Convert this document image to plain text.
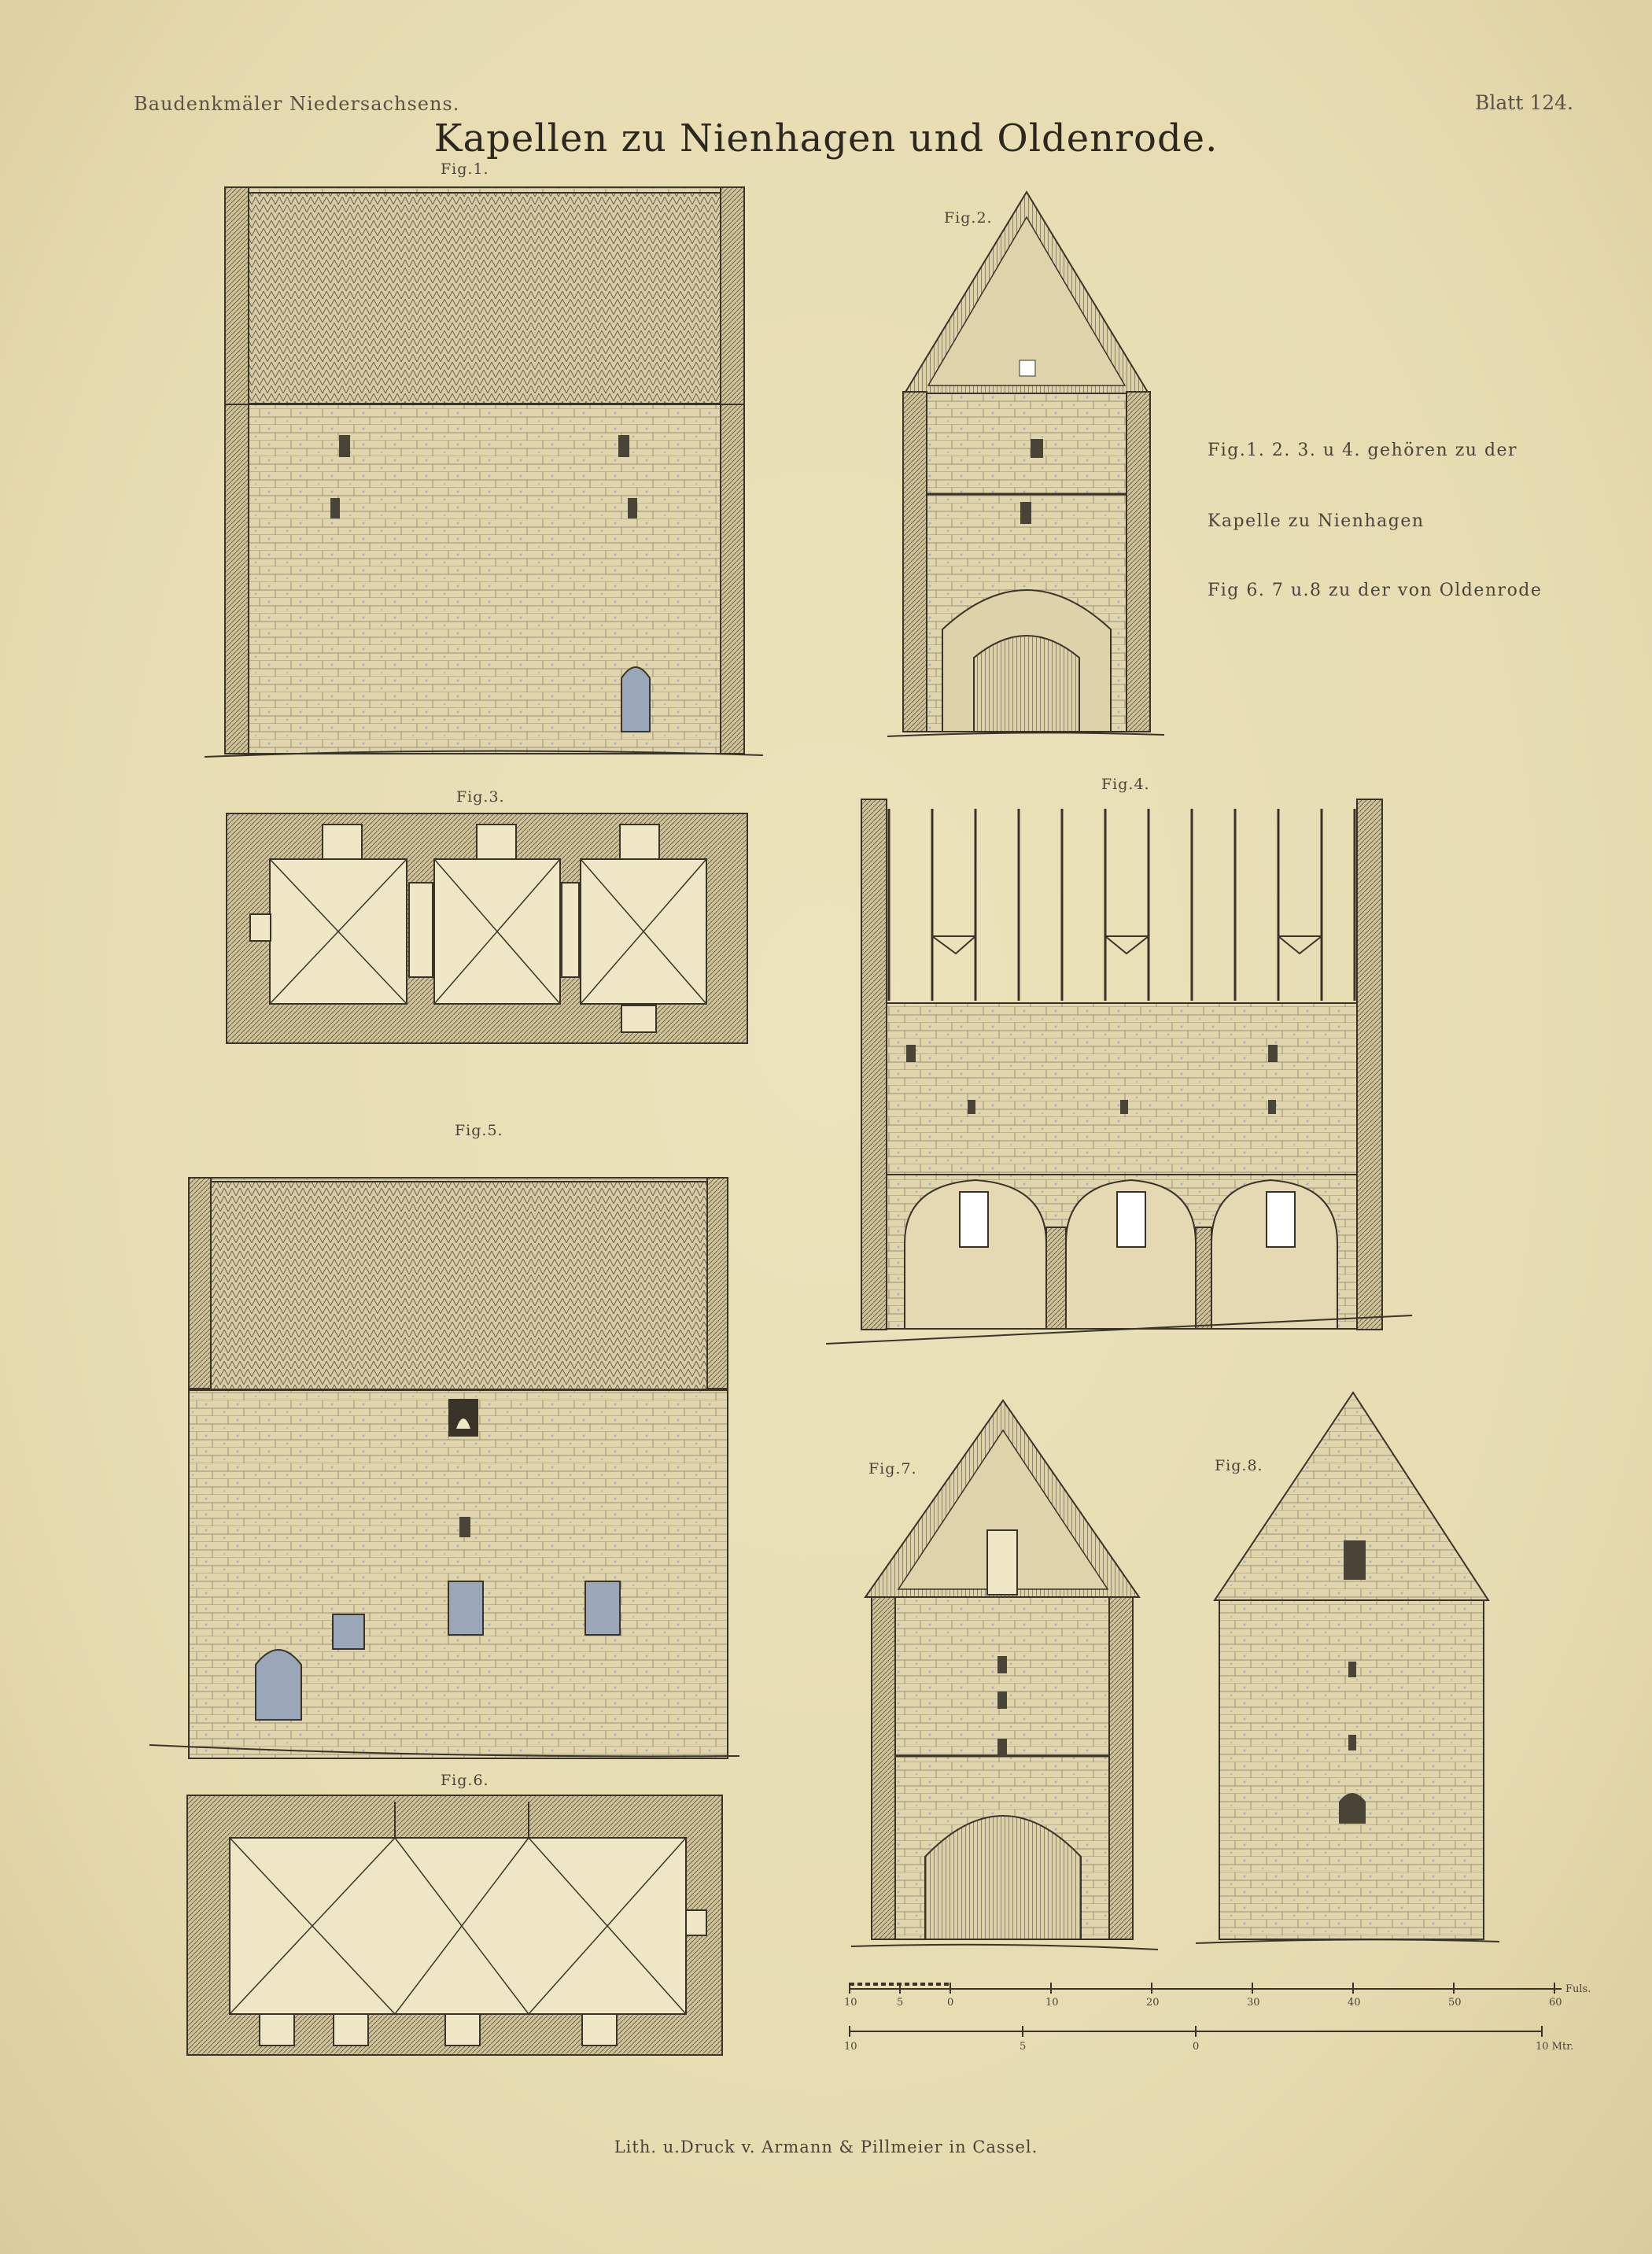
Baudenkmäler Niedersachsens.	Blatt 124.
Kapellen zu Nienhagen und Oldenrode.
Fig.1.
Fig.2.
Fig.3.
Fig.4.
Fig.5.
Fig.6.
Fig.7.	Fig.8.
Fig.1. 2. 3. u 4. gehören zu der
Kapelle zu Nienhagen
Fig 6. 7 u.8 zu der von Oldenrode
10	5	0	10	20	30	40	50	60
Fuls.
10	5	0	10 Mtr.
Lith. u.Druck v. Armann & Pillmeier in Cassel.
